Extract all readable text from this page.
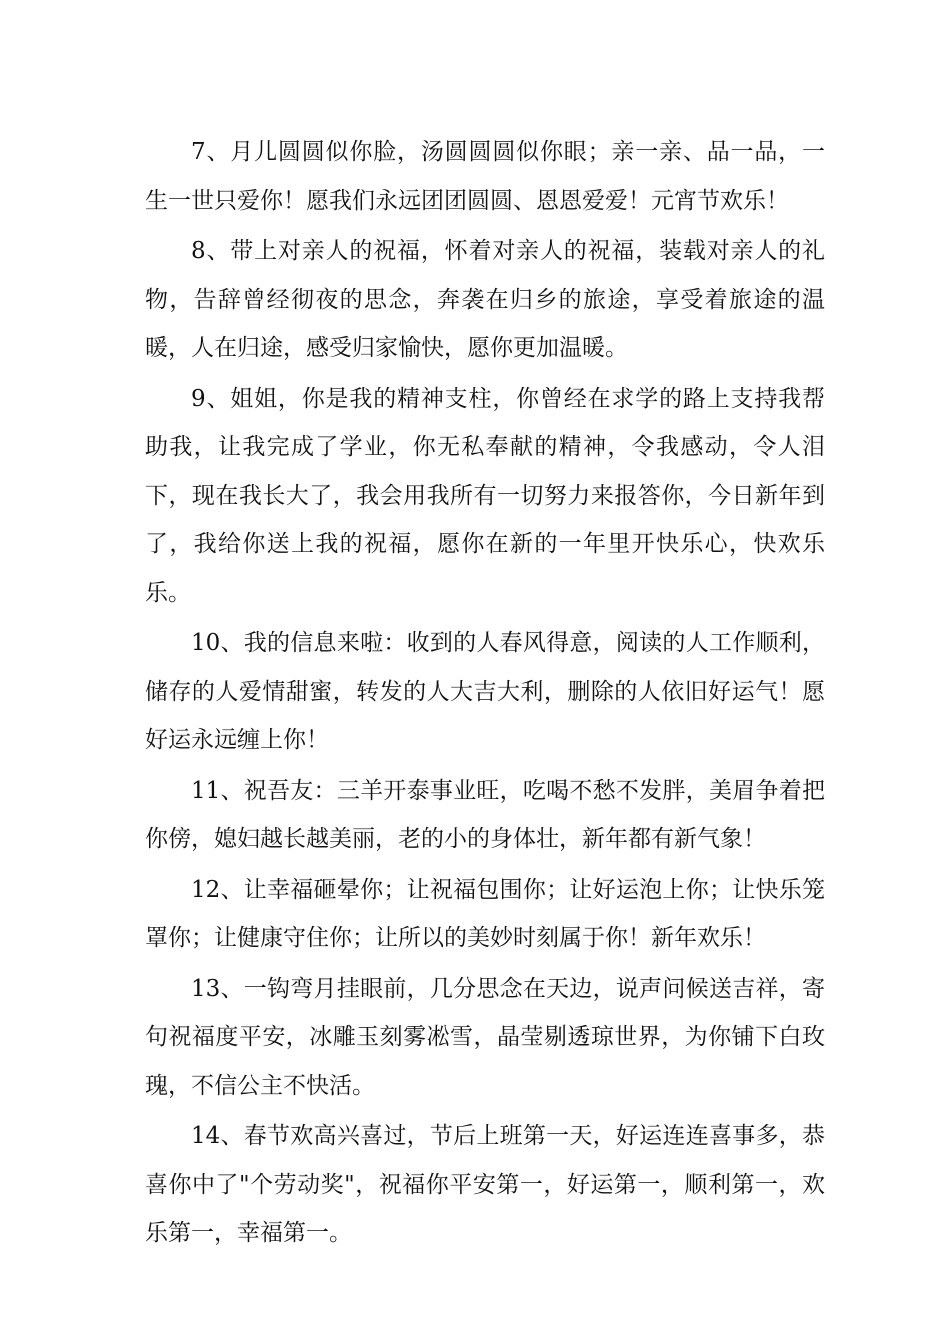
7、月儿圆圆似你脸，汤圆圆圆似你眼；亲一亲、品一品，一生一世只爱你！愿我们永远团团圆圆、恩恩爱爱！元宵节欢乐！

8、带上对亲人的祝福，怀着对亲人的祝福，装载对亲人的礼物，告辞曾经彻夜的思念，奔袭在归乡的旅途，享受着旅途的温暖，人在归途，感受归家愉快，愿你更加温暖。

9、姐姐，你是我的精神支柱，你曾经在求学的路上支持我帮助我，让我完成了学业，你无私奉献的精神，令我感动，令人泪下，现在我长大了，我会用我所有一切努力来报答你，今日新年到了，我给你送上我的祝福，愿你在新的一年里开快乐心，快欢乐乐。

10、我的信息来啦：收到的人春风得意，阅读的人工作顺利，储存的人爱情甜蜜，转发的人大吉大利，删除的人依旧好运气！愿好运永远缠上你！

11、祝吾友：三羊开泰事业旺，吃喝不愁不发胖，美眉争着把你傍，媳妇越长越美丽，老的小的身体壮，新年都有新气象！

12、让幸福砸晕你；让祝福包围你；让好运泡上你；让快乐笼罩你；让健康守住你；让所以的美妙时刻属于你！新年欢乐！

13、一钩弯月挂眼前，几分思念在天边，说声问候送吉祥，寄句祝福度平安，冰雕玉刻雾凇雪，晶莹剔透琼世界，为你铺下白玫瑰，不信公主不快活。

14、春节欢高兴喜过，节后上班第一天，好运连连喜事多，恭喜你中了"个劳动奖"，祝福你平安第一，好运第一，顺利第一，欢乐第一，幸福第一。
